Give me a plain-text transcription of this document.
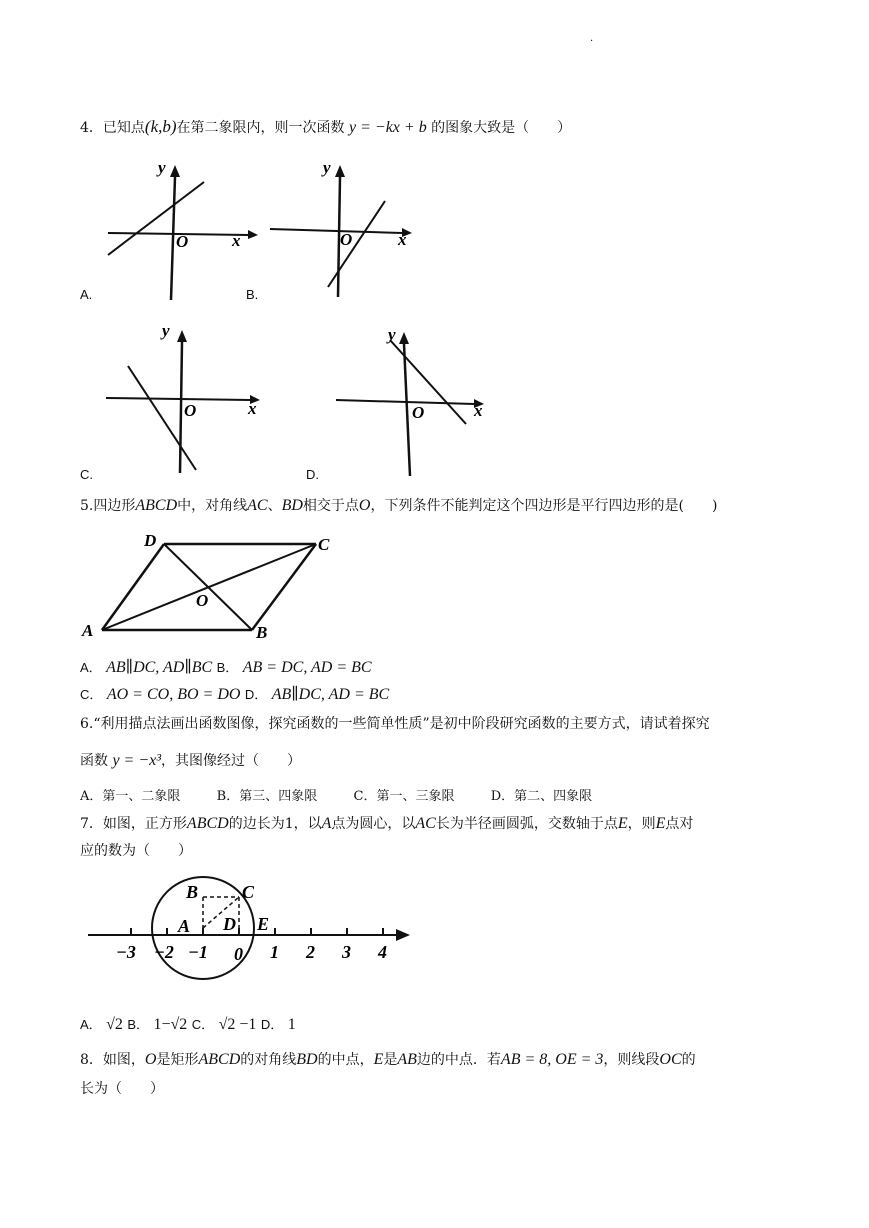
·
4．已知点(k,b)在第二象限内，则一次函数 y = −kx + b 的图象大致是（　　）
y
x
O
A.
y
x
O
B.
y
x
O
C.
y
x
O
D.
5.四边形ABCD中，对角线AC、BD相交于点O，下列条件不能判定这个四边形是平行四边形的是(　　)
D	C
O
A	B
A． AB∥DC, AD∥BC B． AB = DC, AD = BC
C． AO = CO, BO = DO D． AB∥DC, AD = BC
6.“利用描点法画出函数图像，探究函数的一些简单性质”是初中阶段研究函数的主要方式，请试着探究
函数 y = −x³，其图像经过（　　）
A．第一、二象限	B．第三、四象限	C．第一、三象限	D．第二、四象限
7．如图，正方形ABCD的边长为1，以A点为圆心，以AC长为半径画圆弧，交数轴于点E，则E点对
应的数为（　　）
B C
A D E
−3 −2 −1 0 1 2 3 4
A． √2 B． 1−√2 C． √2 −1 D． 1
8．如图，O是矩形ABCD的对角线BD的中点，E是AB边的中点．若AB = 8, OE = 3，则线段OC的
长为（　　）
